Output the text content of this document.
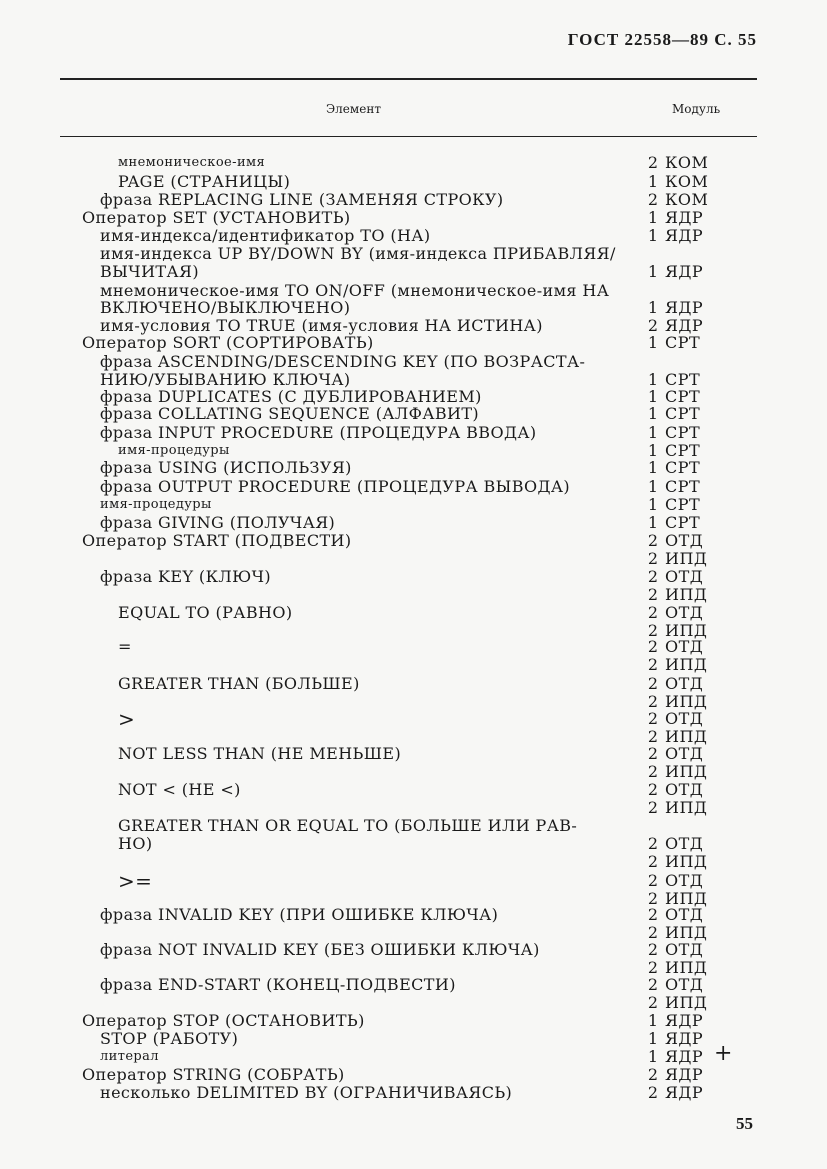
ГОСТ 22558—89 С. 55
Элемент	Модуль
мнемоническое-имя	2 КОМ
PAGE (СТРАНИЦЫ)	1 КОМ
фраза REPLACING LINE (ЗАМЕНЯЯ СТРОКУ)	2 КОМ
Оператор SET (УСТАНОВИТЬ)	1 ЯДР
имя-индекса/идентификатор TO (НА)	1 ЯДР
имя-индекса UP BY/DOWN BY (имя-индекса ПРИБАВЛЯЯ/
ВЫЧИТАЯ)	1 ЯДР
мнемоническое-имя TO ON/OFF (мнемоническое-имя НА
ВКЛЮЧЕНО/ВЫКЛЮЧЕНО)	1 ЯДР
имя-условия TO TRUE (имя-условия НА ИСТИНА)	2 ЯДР
Оператор SORT (СОРТИРОВАТЬ)	1 СРТ
фраза ASCENDING/DESCENDING KEY (ПО ВОЗРАСТА-
НИЮ/УБЫВАНИЮ КЛЮЧА)	1 СРТ
фраза DUPLICATES (С ДУБЛИРОВАНИЕМ)	1 СРТ
фраза COLLATING SEQUENCE (АЛФАВИТ)	1 СРТ
фраза INPUT PROCEDURE (ПРОЦЕДУРА ВВОДА)	1 СРТ
имя-процедуры	1 СРТ
фраза USING (ИСПОЛЬЗУЯ)	1 СРТ
фраза OUTPUT PROCEDURE (ПРОЦЕДУРА ВЫВОДА)	1 СРТ
имя-процедуры	1 СРТ
фраза GIVING (ПОЛУЧАЯ)	1 СРТ
Оператор START (ПОДВЕСТИ)	2 ОТД
2 ИПД
фраза KEY (КЛЮЧ)	2 ОТД
2 ИПД
EQUAL TO (РАВНО)	2 ОТД
2 ИПД
=	2 ОТД
2 ИПД
GREATER THAN (БОЛЬШЕ)	2 ОТД
2 ИПД
>	2 ОТД
2 ИПД
NOT LESS THAN (НЕ МЕНЬШЕ)	2 ОТД
2 ИПД
NOT < (НЕ <)	2 ОТД
2 ИПД
GREATER THAN OR EQUAL TO (БОЛЬШЕ ИЛИ РАВ-
НО)	2 ОТД
2 ИПД
>=	2 ОТД
2 ИПД
фраза INVALID KEY (ПРИ ОШИБКЕ КЛЮЧА)	2 ОТД
2 ИПД
фраза NOT INVALID KEY (БЕЗ ОШИБКИ КЛЮЧА)	2 ОТД
2 ИПД
фраза END-START (КОНЕЦ-ПОДВЕСТИ)	2 ОТД
2 ИПД
Оператор STOP (ОСТАНОВИТЬ)	1 ЯДР
STOP (РАБОТУ)	1 ЯДР
литерал	1 ЯДР
Оператор STRING (СОБРАТЬ)	2 ЯДР
несколько DELIMITED BY (ОГРАНИЧИВАЯСЬ)	2 ЯДР
+
55
